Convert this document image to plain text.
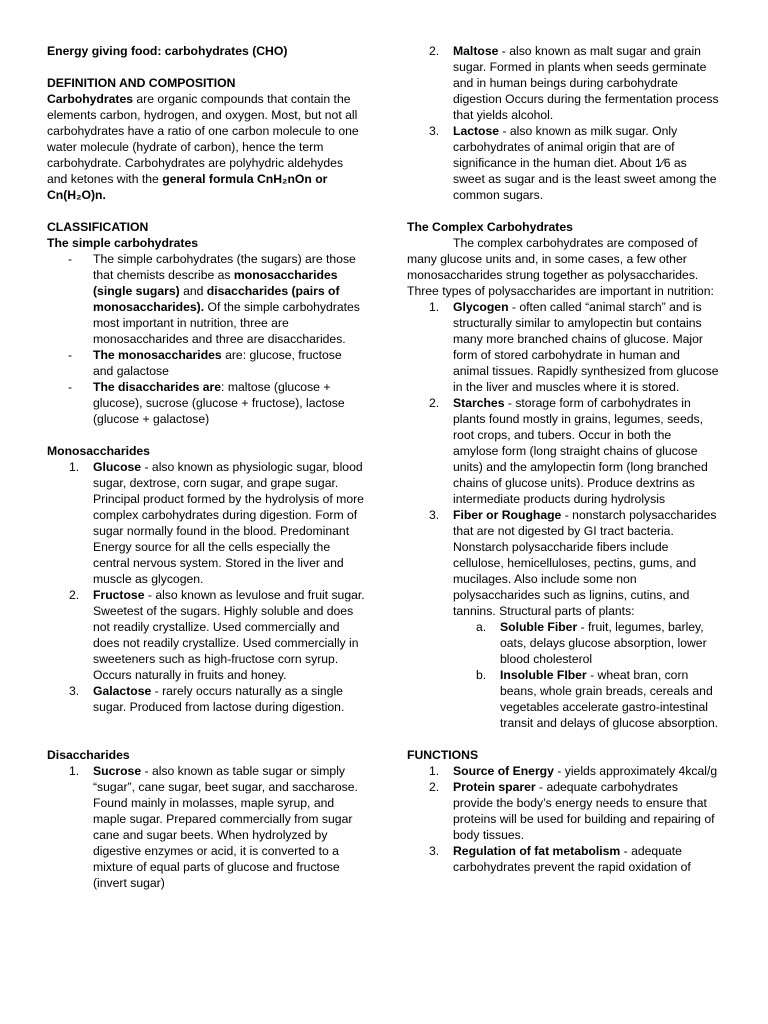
Energy giving food: carbohydrates (CHO)
DEFINITION AND COMPOSITION

Carbohydrates are organic compounds that contain the elements carbon, hydrogen, and oxygen. Most, but not all carbohydrates have a ratio of one carbon molecule to one water molecule (hydrate of carbon), hence the term carbohydrate. Carbohydrates are polyhydric aldehydes and ketones with the general formula CnH₂nOn or Cn(H₂O)n.

CLASSIFICATION
The simple carbohydrates
- The simple carbohydrates (the sugars) are those that chemists describe as monosaccharides (single sugars) and disaccharides (pairs of monosaccharides). Of the simple carbohydrates most important in nutrition, three are monosaccharides and three are disaccharides.
- The monosaccharides are: glucose, fructose and galactose
- The disaccharides are: maltose (glucose + glucose), sucrose (glucose + fructose), lactose (glucose + galactose)
Monosaccharides
1. Glucose - also known as physiologic sugar, blood sugar, dextrose, corn sugar, and grape sugar. Principal product formed by the hydrolysis of more complex carbohydrates during digestion. Form of sugar normally found in the blood. Predominant Energy source for all the cells especially the central nervous system. Stored in the liver and muscle as glycogen.
2. Fructose - also known as levulose and fruit sugar. Sweetest of the sugars. Highly soluble and does not readily crystallize. Used commercially and does not readily crystallize. Used commercially in sweeteners such as high-fructose corn syrup. Occurs naturally in fruits and honey.
3. Galactose - rarely occurs naturally as a single sugar. Produced from lactose during digestion.
Disaccharides
1. Sucrose - also known as table sugar or simply “sugar”, cane sugar, beet sugar, and saccharose. Found mainly in molasses, maple syrup, and maple sugar. Prepared commercially from sugar cane and sugar beets. When hydrolyzed by digestive enzymes or acid, it is converted to a mixture of equal parts of glucose and fructose (invert sugar)
2. Maltose - also known as malt sugar and grain sugar. Formed in plants when seeds germinate and in human beings during carbohydrate digestion Occurs during the fermentation process that yields alcohol.
3. Lactose - also known as milk sugar. Only carbohydrates of animal origin that are of significance in the human diet. About 1⁄6 as sweet as sugar and is the least sweet among the common sugars.
The Complex Carbohydrates

The complex carbohydrates are composed of many glucose units and, in some cases, a few other monosaccharides strung together as polysaccharides. Three types of polysaccharides are important in nutrition:

1. Glycogen - often called “animal starch” and is structurally similar to amylopectin but contains many more branched chains of glucose. Major form of stored carbohydrate in human and animal tissues. Rapidly synthesized from glucose in the liver and muscles where it is stored.
2. Starches - storage form of carbohydrates in plants found mostly in grains, legumes, seeds, root crops, and tubers. Occur in both the amylose form (long straight chains of glucose units) and the amylopectin form (long branched chains of glucose units). Produce dextrins as intermediate products during hydrolysis
3. Fiber or Roughage - nonstarch polysaccharides that are not digested by GI tract bacteria. Nonstarch polysaccharide fibers include cellulose, hemicelluloses, pectins, gums, and mucilages. Also include some non polysaccharides such as lignins, cutins, and tannins. Structural parts of plants:
a. Soluble Fiber - fruit, legumes, barley, oats, delays glucose absorption, lower blood cholesterol
b. Insoluble FIber - wheat bran, corn beans, whole grain breads, cereals and vegetables accelerate gastro-intestinal transit and delays of glucose absorption.
FUNCTIONS
1. Source of Energy - yields approximately 4kcal/g
2. Protein sparer - adequate carbohydrates provide the body’s energy needs to ensure that proteins will be used for building and repairing of body tissues.
3. Regulation of fat metabolism - adequate carbohydrates prevent the rapid oxidation of
